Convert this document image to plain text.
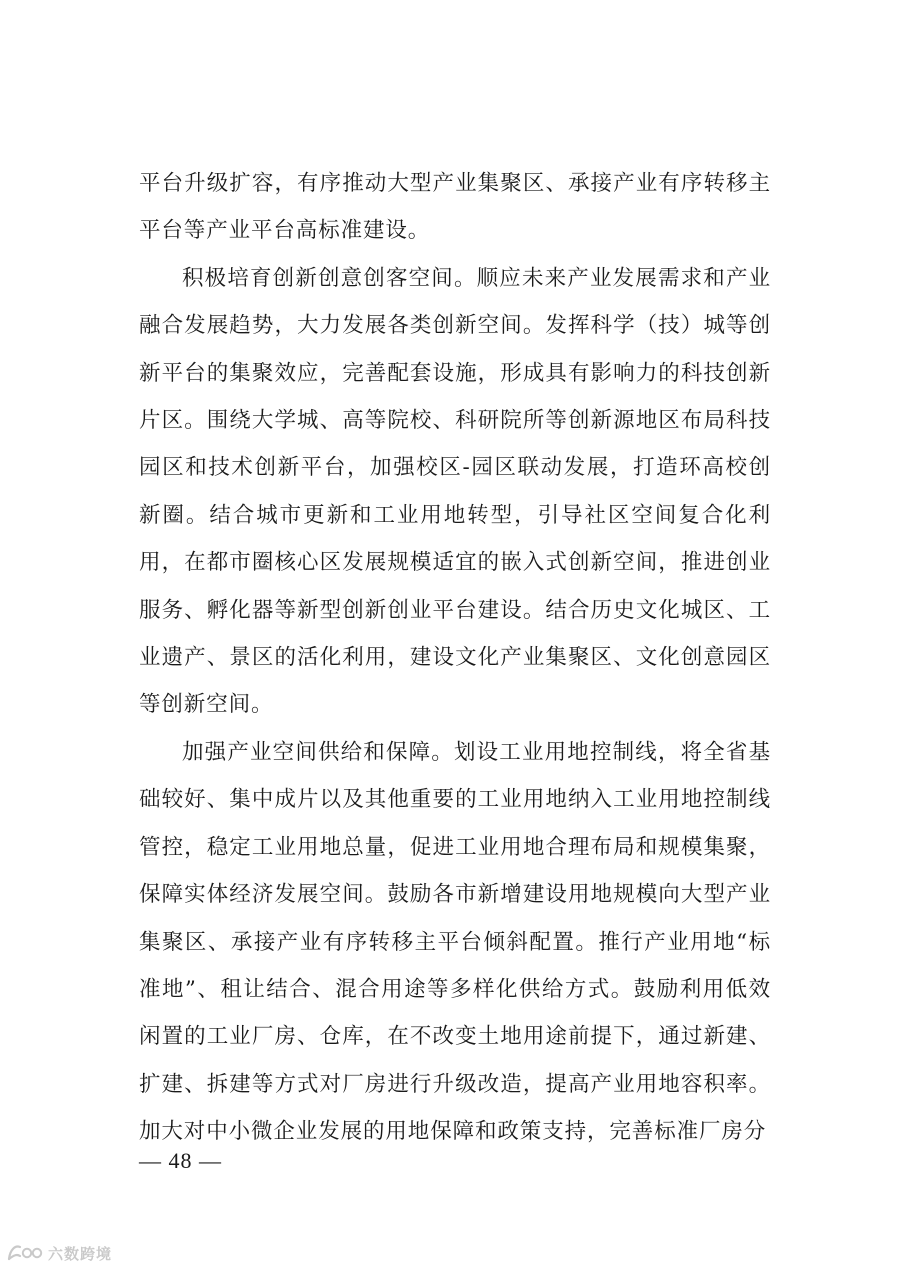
平台升级扩容，有序推动大型产业集聚区、承接产业有序转移主平台等产业平台高标准建设。

积极培育创新创意创客空间。顺应未来产业发展需求和产业融合发展趋势，大力发展各类创新空间。发挥科学（技）城等创新平台的集聚效应，完善配套设施，形成具有影响力的科技创新片区。围绕大学城、高等院校、科研院所等创新源地区布局科技园区和技术创新平台，加强校区-园区联动发展，打造环高校创新圈。结合城市更新和工业用地转型，引导社区空间复合化利用，在都市圈核心区发展规模适宜的嵌入式创新空间，推进创业服务、孵化器等新型创新创业平台建设。结合历史文化城区、工业遗产、景区的活化利用，建设文化产业集聚区、文化创意园区等创新空间。

加强产业空间供给和保障。划设工业用地控制线，将全省基础较好、集中成片以及其他重要的工业用地纳入工业用地控制线管控，稳定工业用地总量，促进工业用地合理布局和规模集聚，保障实体经济发展空间。鼓励各市新增建设用地规模向大型产业集聚区、承接产业有序转移主平台倾斜配置。推行产业用地“标准地”、租让结合、混合用途等多样化供给方式。鼓励利用低效闲置的工业厂房、仓库，在不改变土地用途前提下，通过新建、扩建、拆建等方式对厂房进行升级改造，提高产业用地容积率。加大对中小微企业发展的用地保障和政策支持，完善标准厂房分

— 48 —
六数跨境
